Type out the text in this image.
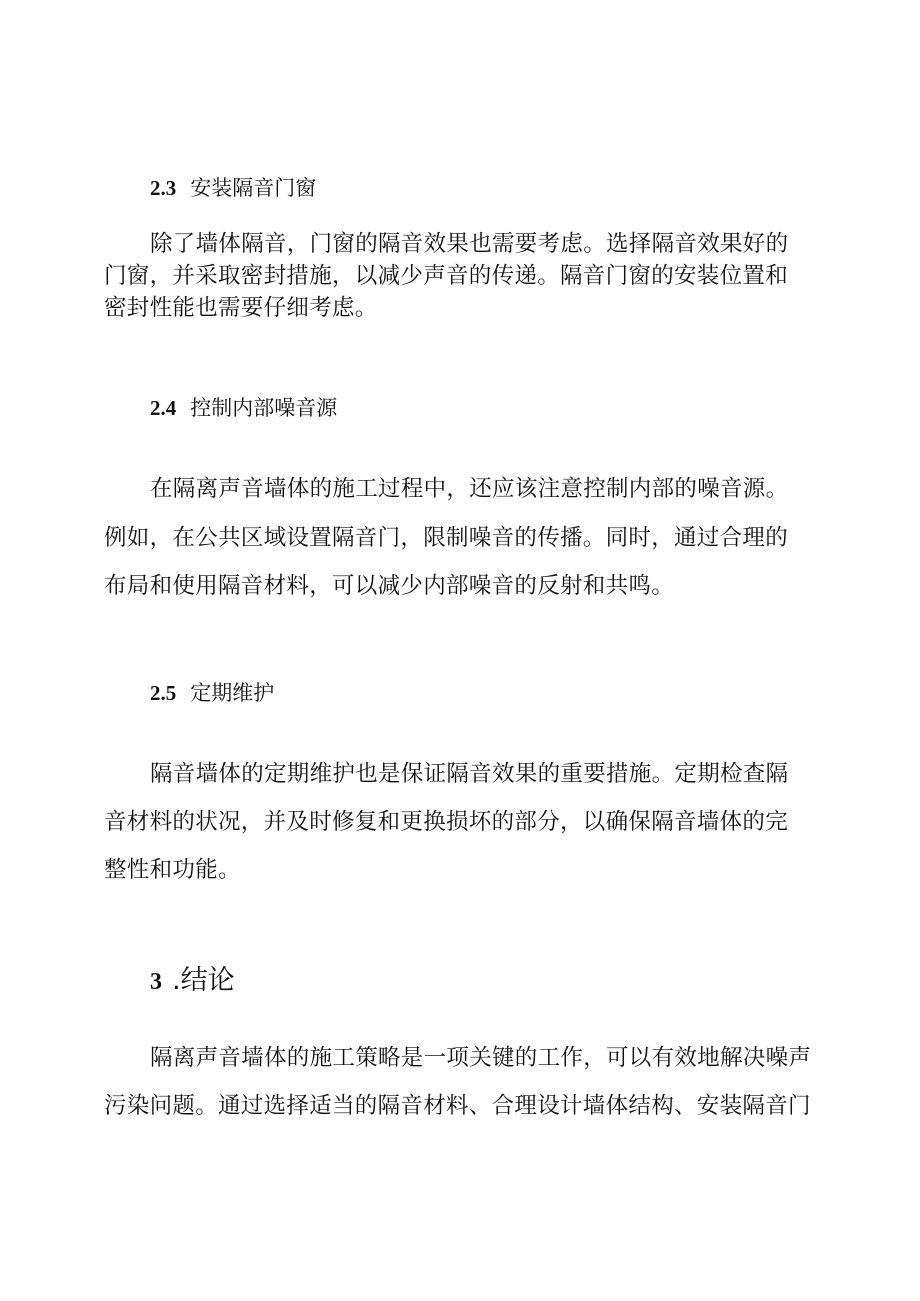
2.3 安装隔音门窗
除了墙体隔音，门窗的隔音效果也需要考虑。选择隔音效果好的
门窗，并采取密封措施，以减少声音的传递。隔音门窗的安装位置和
密封性能也需要仔细考虑。
2.4 控制内部噪音源
在隔离声音墙体的施工过程中，还应该注意控制内部的噪音源。
例如，在公共区域设置隔音门，限制噪音的传播。同时，通过合理的
布局和使用隔音材料，可以减少内部噪音的反射和共鸣。
2.5 定期维护
隔音墙体的定期维护也是保证隔音效果的重要措施。定期检查隔
音材料的状况，并及时修复和更换损坏的部分，以确保隔音墙体的完
整性和功能。
3 .结论
隔离声音墙体的施工策略是一项关键的工作，可以有效地解决噪声
污染问题。通过选择适当的隔音材料、合理设计墙体结构、安装隔音门
